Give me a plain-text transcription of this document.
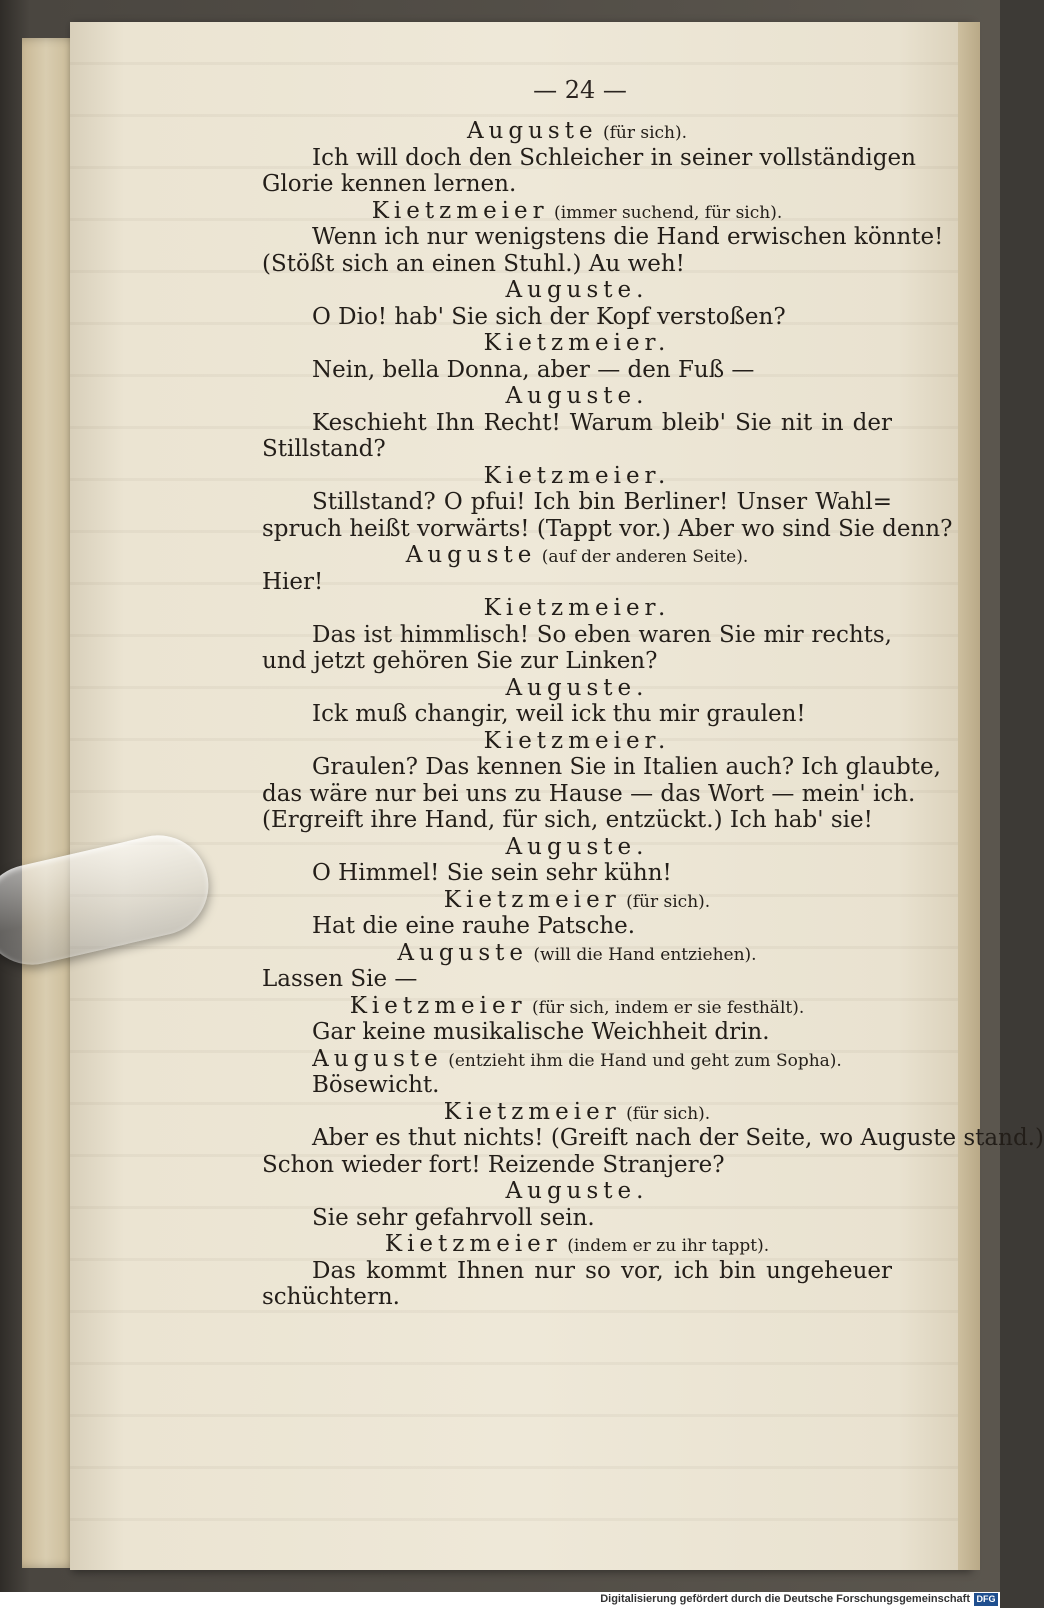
— 24 —
Auguste (für sich).
Ich will doch den Schleicher in seiner vollständigen
Glorie kennen lernen.
Kietzmeier (immer suchend, für sich).
Wenn ich nur wenigstens die Hand erwischen könnte!
(Stößt sich an einen Stuhl.) Au weh!
Auguste.
O Dio! hab' Sie sich der Kopf verstoßen?
Kietzmeier.
Nein, bella Donna, aber — den Fuß —
Auguste.
Keschieht Ihn Recht! Warum bleib' Sie nit in der
Stillstand?
Kietzmeier.
Stillstand? O pfui! Ich bin Berliner! Unser Wahl=
spruch heißt vorwärts! (Tappt vor.) Aber wo sind Sie denn?
Auguste (auf der anderen Seite).
Hier!
Kietzmeier.
Das ist himmlisch! So eben waren Sie mir rechts,
und jetzt gehören Sie zur Linken?
Auguste.
Ick muß changir, weil ick thu mir graulen!
Kietzmeier.
Graulen? Das kennen Sie in Italien auch? Ich glaubte,
das wäre nur bei uns zu Hause — das Wort — mein' ich.
(Ergreift ihre Hand, für sich, entzückt.) Ich hab' sie!
Auguste.
O Himmel! Sie sein sehr kühn!
Kietzmeier (für sich).
Hat die eine rauhe Patsche.
Auguste (will die Hand entziehen).
Lassen Sie —
Kietzmeier (für sich, indem er sie festhält).
Gar keine musikalische Weichheit drin.
Auguste (entzieht ihm die Hand und geht zum Sopha).
Bösewicht.
Kietzmeier (für sich).
Aber es thut nichts! (Greift nach der Seite, wo Auguste stand.)
Schon wieder fort! Reizende Stranjere?
Auguste.
Sie sehr gefahrvoll sein.
Kietzmeier (indem er zu ihr tappt).
Das kommt Ihnen nur so vor, ich bin ungeheuer
schüchtern.
Digitalisierung gefördert durch die Deutsche Forschungsgemeinschaft DFG
